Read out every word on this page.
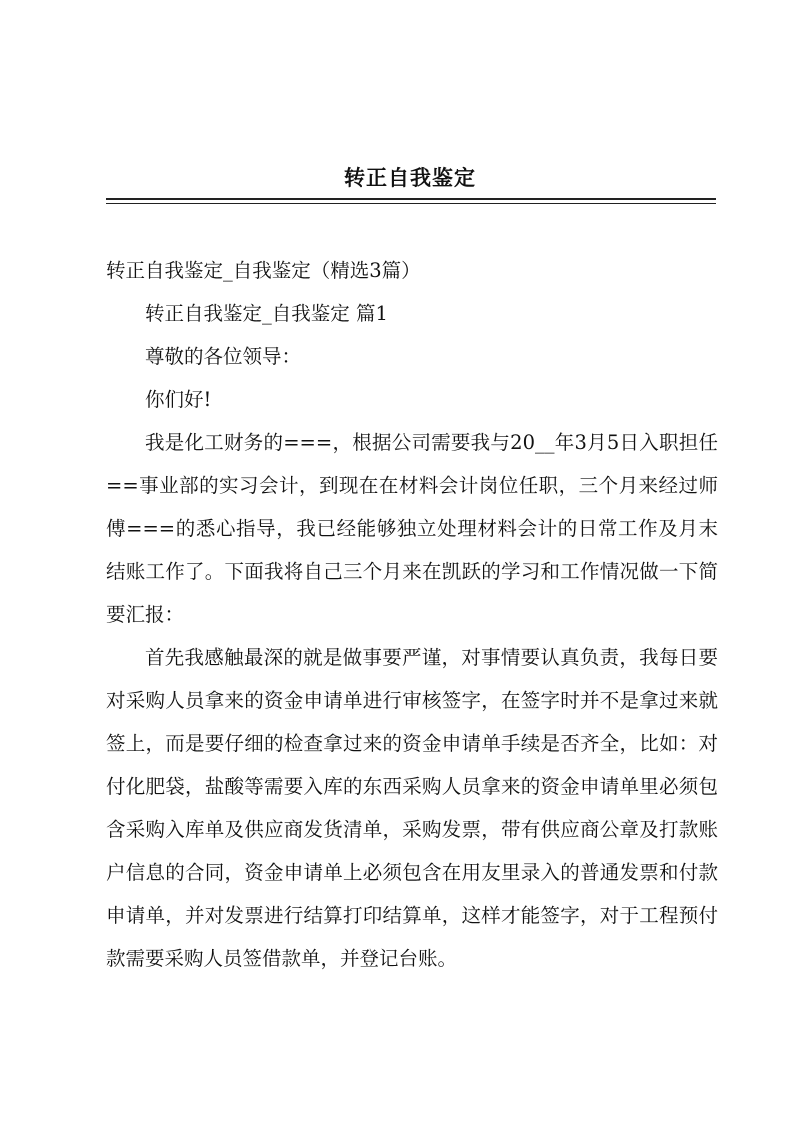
转正自我鉴定

转正自我鉴定_自我鉴定（精选3篇）

转正自我鉴定_自我鉴定 篇1

尊敬的各位领导：

你们好!

我是化工财务的===，根据公司需要我与20__年3月5日入职担任==事业部的实习会计，到现在在材料会计岗位任职，三个月来经过师傅===的悉心指导，我已经能够独立处理材料会计的日常工作及月末结账工作了。下面我将自己三个月来在凯跃的学习和工作情况做一下简要汇报：

首先我感触最深的就是做事要严谨，对事情要认真负责，我每日要对采购人员拿来的资金申请单进行审核签字，在签字时并不是拿过来就签上，而是要仔细的检查拿过来的资金申请单手续是否齐全，比如：对付化肥袋，盐酸等需要入库的东西采购人员拿来的资金申请单里必须包含采购入库单及供应商发货清单，采购发票，带有供应商公章及打款账户信息的合同，资金申请单上必须包含在用友里录入的普通发票和付款申请单，并对发票进行结算打印结算单，这样才能签字，对于工程预付款需要采购人员签借款单，并登记台账。
